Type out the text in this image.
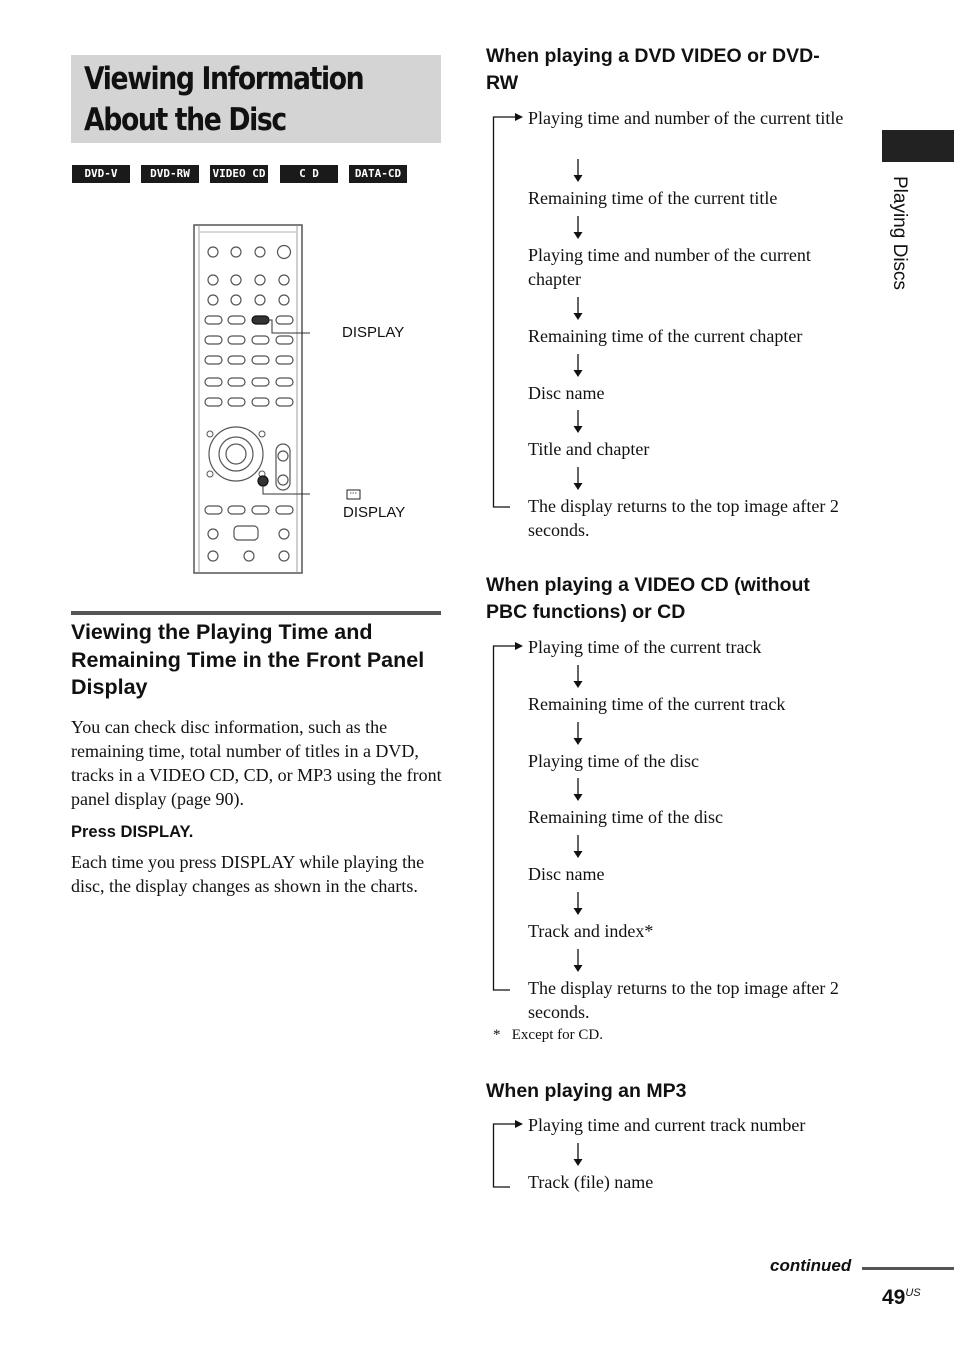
Viewing Information About the Disc
DVD-V	DVD-RW	VIDEO CD	C D	DATA-CD
DISPLAY
DISPLAY
Viewing the Playing Time and Remaining Time in the Front Panel Display
You can check disc information, such as the remaining time, total number of titles in a DVD, tracks in a VIDEO CD, CD, or MP3 using the front panel display (page 90).
Press DISPLAY.
Each time you press DISPLAY while playing the disc, the display changes as shown in the charts.
When playing a DVD VIDEO or DVD-RW
Playing time and number of the current title
Remaining time of the current title
Playing time and number of the current chapter
Remaining time of the current chapter
Disc name
Title and chapter
The display returns to the top image after 2 seconds.
When playing a VIDEO CD (without PBC functions) or CD
Playing time of the current track
Remaining time of the current track
Playing time of the disc
Remaining time of the disc
Disc name
Track and index*
The display returns to the top image after 2 seconds.
*   Except for CD.
When playing an MP3
Playing time and current track number
Track (file) name
Playing Discs
continued
$49^{US}$
